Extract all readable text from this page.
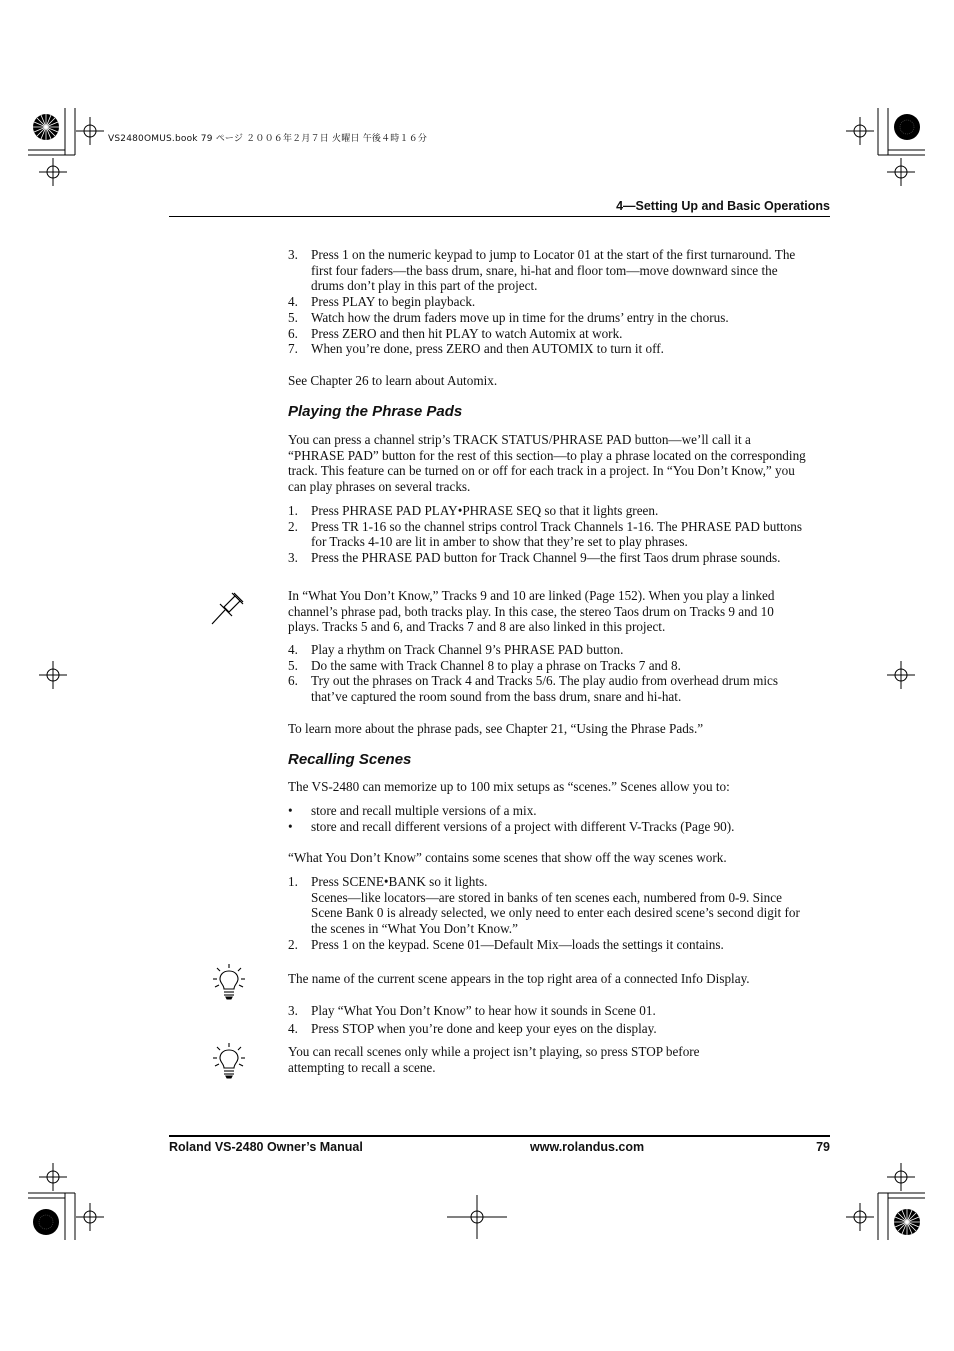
VS2480OMUS.book 79 ページ ２００６年２月７日 火曜日 午後４時１６分
4—Setting Up and Basic Operations
3. Press 1 on the numeric keypad to jump to Locator 01 at the start of the first turnaround. The first four faders—the bass drum, snare, hi-hat and floor tom—move downward since the drums don’t play in this part of the project.
4. Press PLAY to begin playback.
5. Watch how the drum faders move up in time for the drums’ entry in the chorus.
6. Press ZERO and then hit PLAY to watch Automix at work.
7. When you’re done, press ZERO and then AUTOMIX to turn it off.

See Chapter 26 to learn about Automix.

Playing the Phrase Pads

You can press a channel strip’s TRACK STATUS/PHRASE PAD button—we’ll call it a “PHRASE PAD” button for the rest of this section—to play a phrase located on the corresponding track. This feature can be turned on or off for each track in a project. In “You Don’t Know,” you can play phrases on several tracks.

1. Press PHRASE PAD PLAY•PHRASE SEQ so that it lights green.
2. Press TR 1-16 so the channel strips control Track Channels 1-16. The PHRASE PAD buttons for Tracks 4-10 are lit in amber to show that they’re set to play phrases.
3. Press the PHRASE PAD button for Track Channel 9—the first Taos drum phrase sounds.

In “What You Don’t Know,” Tracks 9 and 10 are linked (Page 152). When you play a linked channel’s phrase pad, both tracks play. In this case, the stereo Taos drum on Tracks 9 and 10 plays. Tracks 5 and 6, and Tracks 7 and 8 are also linked in this project.

4. Play a rhythm on Track Channel 9’s PHRASE PAD button.
5. Do the same with Track Channel 8 to play a phrase on Tracks 7 and 8.
6. Try out the phrases on Track 4 and Tracks 5/6. The play audio from overhead drum mics that’ve captured the room sound from the bass drum, snare and hi-hat.

To learn more about the phrase pads, see Chapter 21, “Using the Phrase Pads.”

Recalling Scenes

The VS-2480 can memorize up to 100 mix setups as “scenes.” Scenes allow you to:

• store and recall multiple versions of a mix.
• store and recall different versions of a project with different V-Tracks (Page 90).

“What You Don’t Know” contains some scenes that show off the way scenes work.

1. Press SCENE•BANK so it lights.
Scenes—like locators—are stored in banks of ten scenes each, numbered from 0-9. Since Scene Bank 0 is already selected, we only need to enter each desired scene’s second digit for the scenes in “What You Don’t Know.”
2. Press 1 on the keypad. Scene 01—Default Mix—loads the settings it contains.

The name of the current scene appears in the top right area of a connected Info Display.

3. Play “What You Don’t Know” to hear how it sounds in Scene 01.
4. Press STOP when you’re done and keep your eyes on the display.

You can recall scenes only while a project isn’t playing, so press STOP before attempting to recall a scene.

Roland VS-2480 Owner’s Manual	www.rolandus.com	79
